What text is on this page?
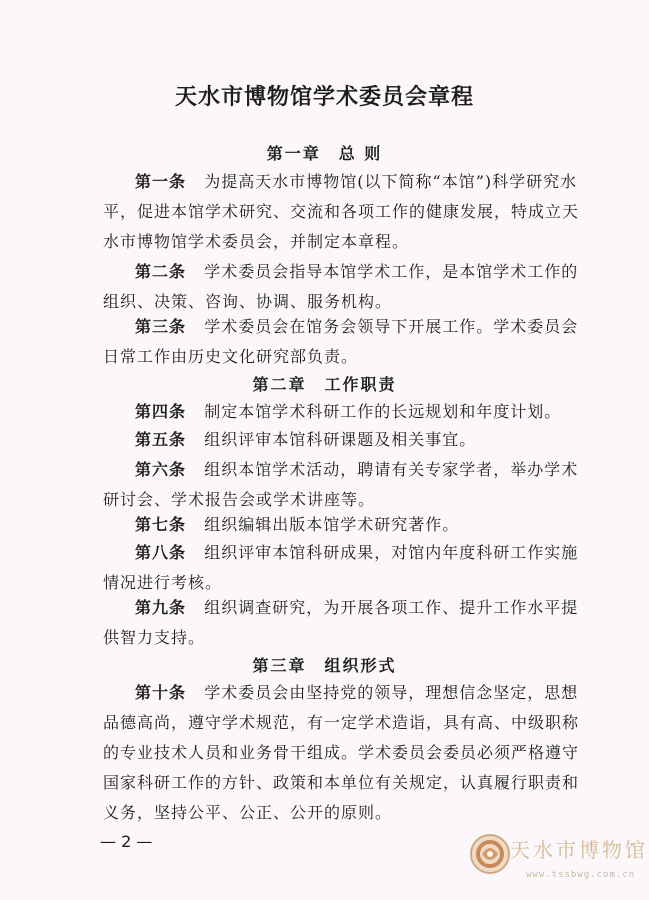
天水市博物馆学术委员会章程
第一章　总 则
第一条 为提高天水市博物馆(以下简称“本馆”)科学研究水平，促进本馆学术研究、交流和各项工作的健康发展，特成立天水市博物馆学术委员会，并制定本章程。
第二条 学术委员会指导本馆学术工作，是本馆学术工作的组织、决策、咨询、协调、服务机构。
第三条 学术委员会在馆务会领导下开展工作。学术委员会日常工作由历史文化研究部负责。
第二章　工作职责
第四条 制定本馆学术科研工作的长远规划和年度计划。
第五条 组织评审本馆科研课题及相关事宜。
第六条 组织本馆学术活动，聘请有关专家学者，举办学术研讨会、学术报告会或学术讲座等。
第七条 组织编辑出版本馆学术研究著作。
第八条 组织评审本馆科研成果，对馆内年度科研工作实施情况进行考核。
第九条 组织调查研究，为开展各项工作、提升工作水平提供智力支持。
第三章　组织形式
第十条 学术委员会由坚持党的领导，理想信念坚定，思想品德高尚，遵守学术规范，有一定学术造诣，具有高、中级职称的专业技术人员和业务骨干组成。学术委员会委员必须严格遵守国家科研工作的方针、政策和本单位有关规定，认真履行职责和义务，坚持公平、公正、公开的原则。
— 2 —	天水市博物馆
www.tssbwg.com.cn
